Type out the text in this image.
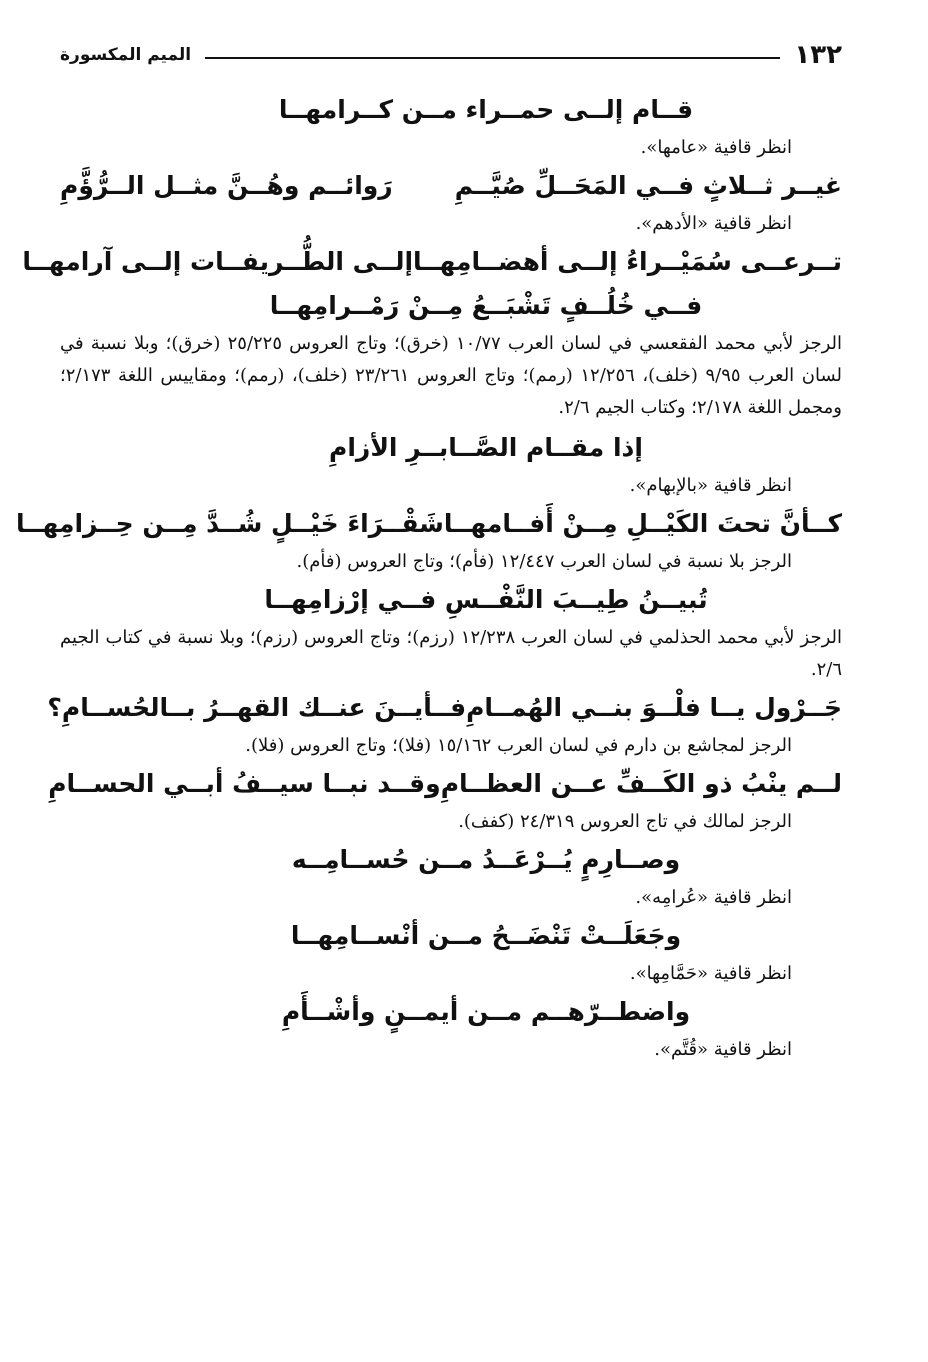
١٣٢
الميم المكسورة
قــام إلــى حمــراء مــن كــرامهــا
انظر قافية «عامها».
غيــر ثــلاثٍ فــي المَحَــلِّ صُيَّــمِ
رَوائــم وهُــنَّ مثــل الــرُّؤَّمِ
انظر قافية «الأدهم».
تــرعــى سُمَيْــراءُ إلــى أهضــامِهــا
إلــى الطُّــريفــات إلــى آرامهــا
فــي خُلُــفٍ تَشْبَــعُ مِــنْ رَمْــرامِهــا
الرجز لأبي محمد الفقعسي في لسان العرب ١٠/٧٧ (خرق)؛ وتاج العروس ٢٥/٢٢٥ (خرق)؛ وبلا نسبة في لسان العرب ٩/٩٥ (خلف)، ١٢/٢٥٦ (رمم)؛ وتاج العروس ٢٣/٢٦١ (خلف)، (رمم)؛ ومقاييس اللغة ٢/١٧٣؛ ومجمل اللغة ٢/١٧٨؛ وكتاب الجيم ٢/٦.
إذا مقــام الصَّــابــرِ الأزامِ
انظر قافية «بالإبهام».
كــأنَّ تحتَ الكَيْــلِ مِــنْ أَفــامهــا
شَقْــرَاءَ خَيْــلٍ شُــدَّ مِــن حِــزامِهــا
الرجز بلا نسبة في لسان العرب ١٢/٤٤٧ (فأم)؛ وتاج العروس (فأم).
تُبيــنُ طِيــبَ النَّفْــسِ فــي إرْزامِهــا
الرجز لأبي محمد الحذلمي في لسان العرب ١٢/٢٣٨ (رزم)؛ وتاج العروس (رزم)؛ وبلا نسبة في كتاب الجيم ٢/٦.
جَــرْول يــا فلْــوَ بنــي الهُمــامِ
فــأيــنَ عنــك القهــرُ بــالحُســامِ؟
الرجز لمجاشع بن دارم في لسان العرب ١٥/١٦٢ (فلا)؛ وتاج العروس (فلا).
لــم ينْبُ ذو الكَــفِّ عــن العظــامِ
وقــد نبــا سيــفُ أبــي الحســامِ
الرجز لمالك في تاج العروس ٢٤/٣١٩ (كفف).
وصــارِمٍ يُــرْعَــدُ مــن حُســامِــه
انظر قافية «عُرامِه».
وجَعَلَــتْ تَنْضَــحُ مــن أنْســامِهــا
انظر قافية «حَمَّامِها».
واضطــرّهــم مــن أيمــنٍ وأشْــأَمِ
انظر قافية «قُتَّم».
